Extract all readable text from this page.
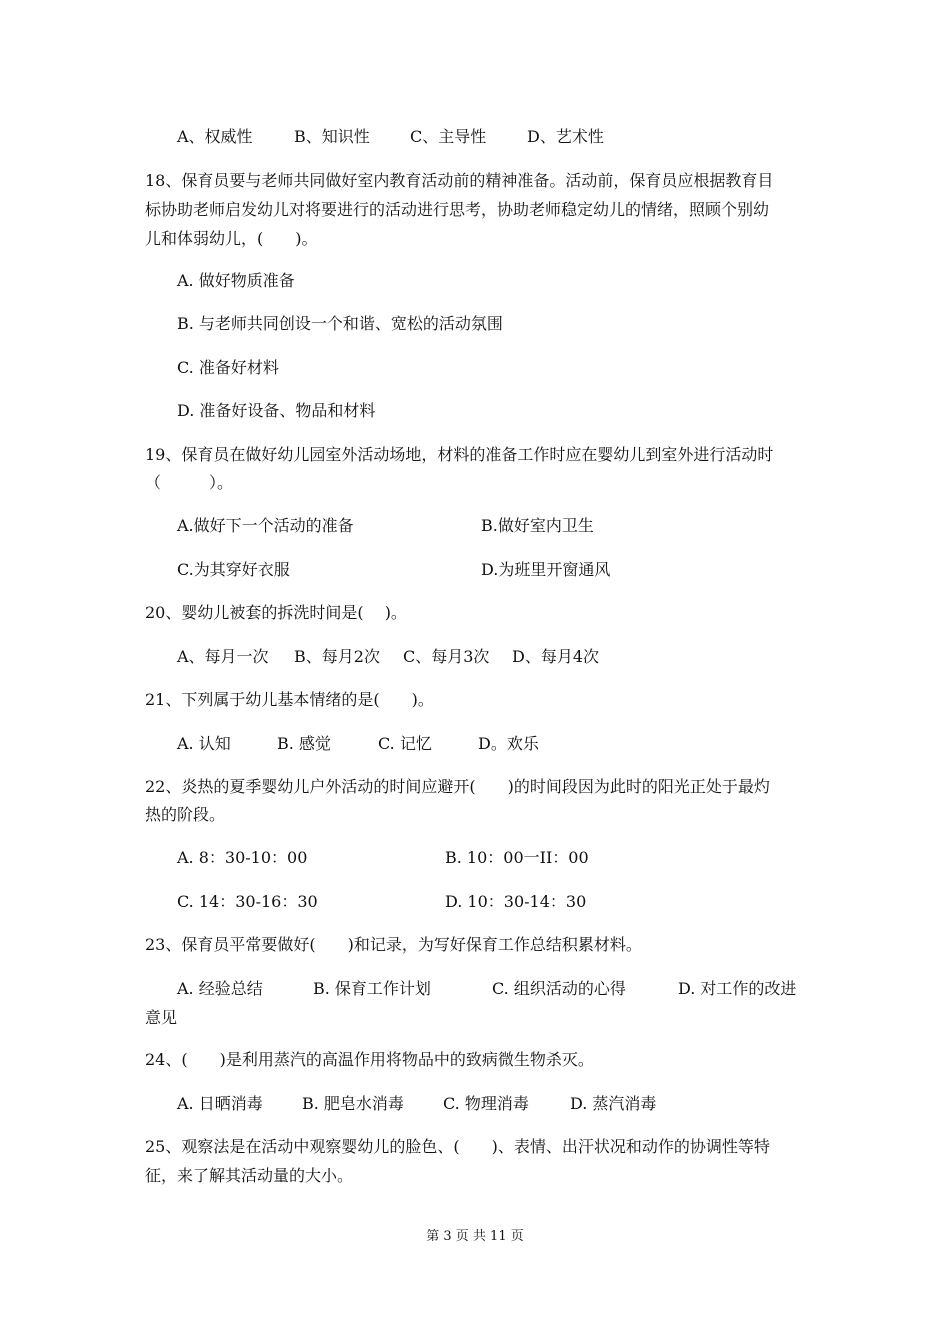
A、权威性	B、知识性	C、主导性	D、艺术性
18、保育员要与老师共同做好室内教育活动前的精神准备。活动前，保育员应根据教育目
标协助老师启发幼儿对将要进行的活动进行思考，协助老师稳定幼儿的情绪，照顾个别幼
儿和体弱幼儿，(　　)。
A. 做好物质准备
B. 与老师共同创设一个和谐、宽松的活动氛围
C. 准备好材料
D. 准备好设备、物品和材料
19、保育员在做好幼儿园室外活动场地，材料的准备工作时应在婴幼儿到室外进行活动时
（　　　）。
A.做好下一个活动的准备	B.做好室内卫生
C.为其穿好衣服	D.为班里开窗通风
20、婴幼儿被套的拆洗时间是(　 )。
A、每月一次 B、每月2次 C、每月3次 D、每月4次
21、下列属于幼儿基本情绪的是(　　)。
A. 认知	B. 感觉	C. 记忆	D。欢乐
22、炎热的夏季婴幼儿户外活动的时间应避开(　　)的时间段因为此时的阳光正处于最灼
热的阶段。
A. 8：30-10：00	B. 10：00一II：00
C. 14：30-16：30	D. 10：30-14：30
23、保育员平常要做好(　　)和记录，为写好保育工作总结积累材料。
A. 经验总结	B. 保育工作计划	C. 组织活动的心得	D. 对工作的改进
意见
24、(　　)是利用蒸汽的高温作用将物品中的致病微生物杀灭。
A. 日晒消毒 B. 肥皂水消毒 C. 物理消毒	D. 蒸汽消毒
25、观察法是在活动中观察婴幼儿的脸色、(　　)、表情、出汗状况和动作的协调性等特
征，来了解其活动量的大小。
第 3 页 共 11 页
